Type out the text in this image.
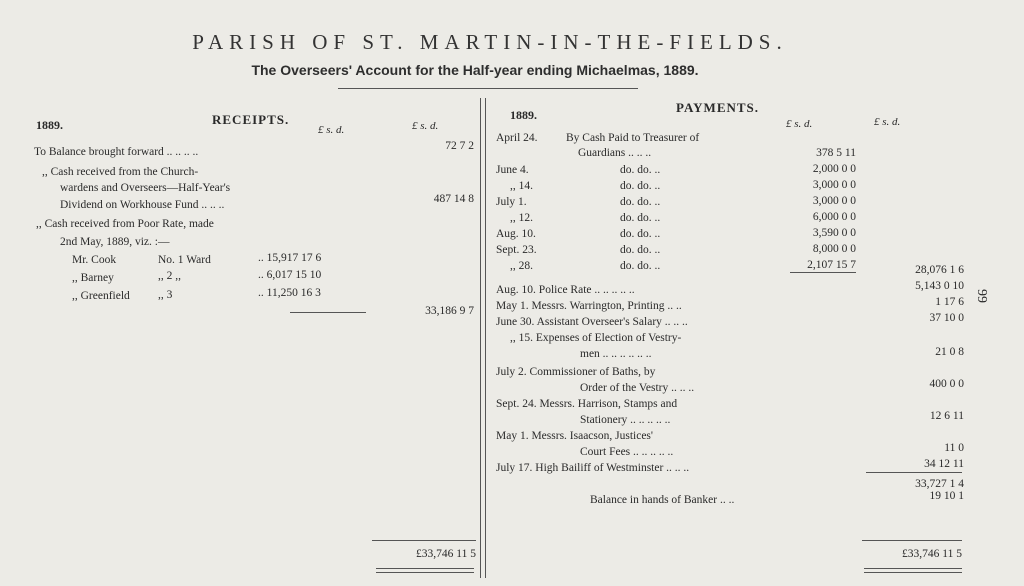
PARISH OF ST. MARTIN-IN-THE-FIELDS.
The Overseers' Account for the Half-year ending Michaelmas, 1889.
1889.	RECEIPTS.
£ s. d.	£ s. d.
To Balance brought forward .. .. .. ..	72 7 2
,, Cash received from the Church-
wardens and Overseers—Half-Year's
Dividend on Workhouse Fund .. .. ..	487 14 8
,, Cash received from Poor Rate, made
2nd May, 1889, viz. :—
Mr. Cook	No. 1 Ward	.. 15,917 17 6
,, Barney	,, 2 ,,	.. 6,017 15 10
,, Greenfield ,, 3	.. 11,250 16 3
33,186 9 7
£33,746 11 5
1889.	PAYMENTS.
£ s. d.	£ s. d.
April 24. By Cash Paid to Treasurer of
Guardians .. .. ..	378 5 11
June 4.	do. do. ..	2,000 0 0
,, 14.	do. do. ..	3,000 0 0
July 1.	do. do. ..	3,000 0 0
,, 12.	do. do. ..	6,000 0 0
Aug. 10.	do. do. ..	3,590 0 0
Sept. 23.	do. do. ..	8,000 0 0
,, 28.	do. do. ..	2,107 15 7	28,076 1 6
Aug. 10. Police Rate .. .. .. .. ..	5,143 0 10
May 1. Messrs. Warrington, Printing .. ..	1 17 6
June 30. Assistant Overseer's Salary .. .. ..	37 10 0
,, 15. Expenses of Election of Vestry-
men .. .. .. .. .. ..	21 0 8
July 2. Commissioner of Baths, by
Order of the Vestry .. .. ..	400 0 0
Sept. 24. Messrs. Harrison, Stamps and
Stationery .. .. .. .. ..	12 6 11
May 1. Messrs. Isaacson, Justices'
Court Fees .. .. .. .. ..	11 0
July 17. High Bailiff of Westminster .. .. ..	34 12 11
33,727 1 4
Balance in hands of Banker .. ..	19 10 1
£33,746 11 5
99
